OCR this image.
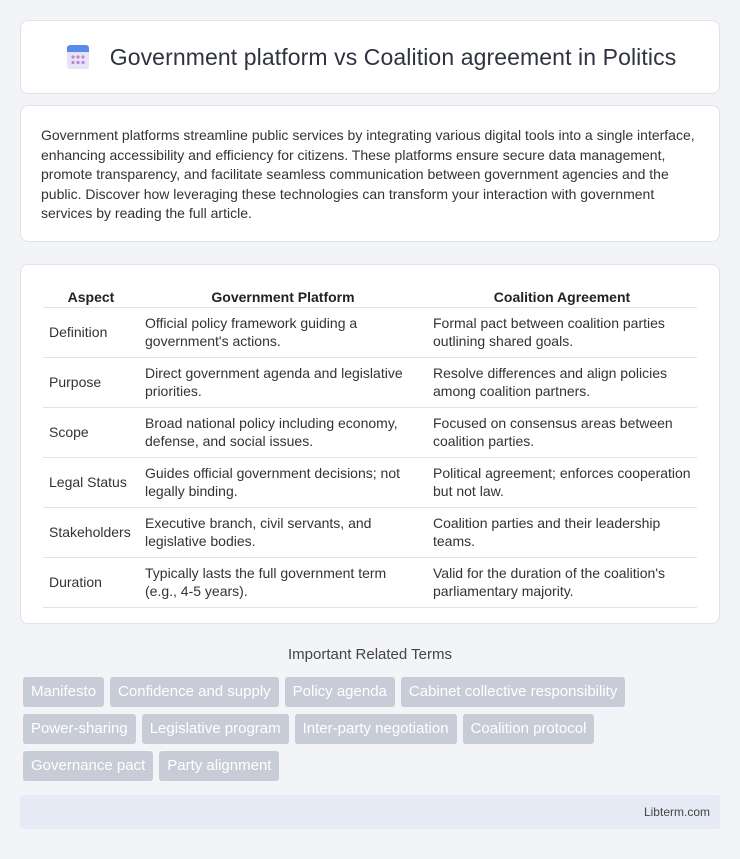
Government platform vs Coalition agreement in Politics

Government platforms streamline public services by integrating various digital tools into a single interface, enhancing accessibility and efficiency for citizens. These platforms ensure secure data management, promote transparency, and facilitate seamless communication between government agencies and the public. Discover how leveraging these technologies can transform your interaction with government services by reading the full article.

Aspect	Government Platform	Coalition Agreement
Definition	Official policy framework guiding a government's actions.	Formal pact between coalition parties outlining shared goals.
Purpose	Direct government agenda and legislative priorities.	Resolve differences and align policies among coalition partners.
Scope	Broad national policy including economy, defense, and social issues.	Focused on consensus areas between coalition parties.
Legal Status	Guides official government decisions; not legally binding.	Political agreement; enforces cooperation but not law.
Stakeholders	Executive branch, civil servants, and legislative bodies.	Coalition parties and their leadership teams.
Duration	Typically lasts the full government term (e.g., 4-5 years).	Valid for the duration of the coalition's parliamentary majority.
Important Related Terms
Manifesto	Confidence and supply	Policy agenda	Cabinet collective responsibility
Power-sharing	Legislative program	Inter-party negotiation	Coalition protocol
Governance pact	Party alignment
Libterm.com
